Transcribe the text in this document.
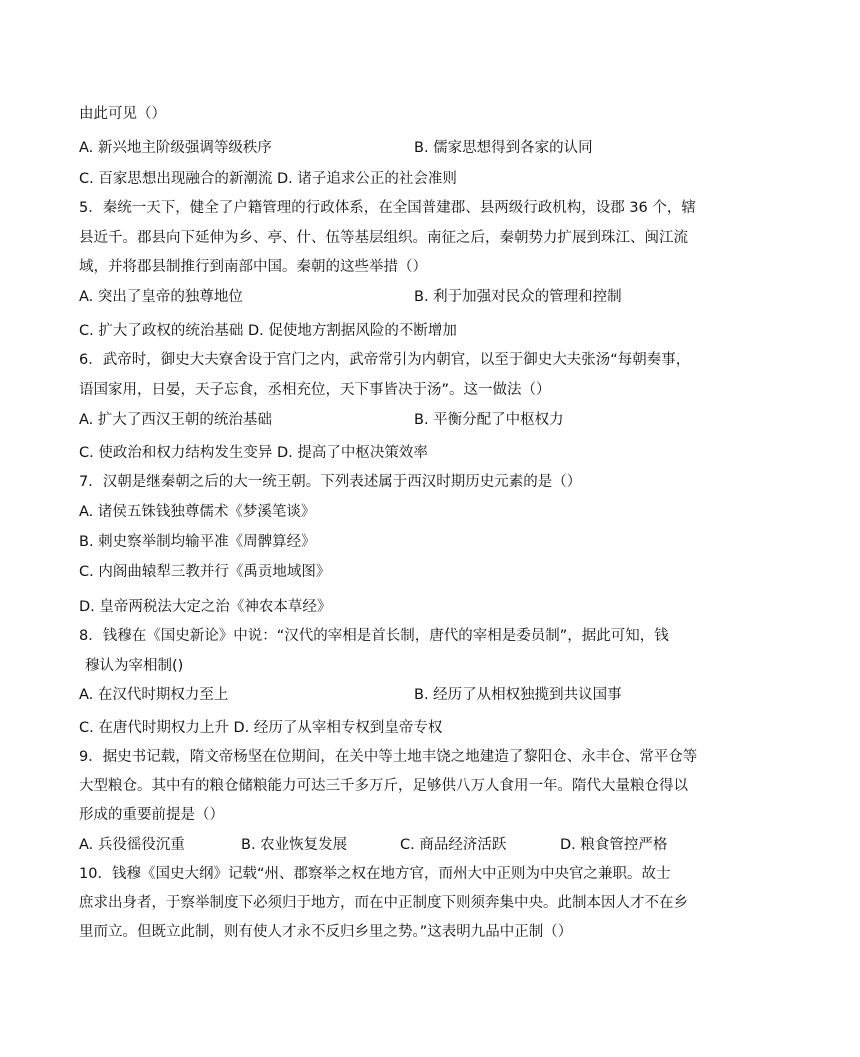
由此可见（）
A. 新兴地主阶级强调等级秩序	B. 儒家思想得到各家的认同
C. 百家思想出现融合的新潮流 D. 诸子追求公正的社会准则
5．秦统一天下，健全了户籍管理的行政体系，在全国普建郡、县两级行政机构，设郡 36 个，辖
县近千。郡县向下延伸为乡、亭、什、伍等基层组织。南征之后，秦朝势力扩展到珠江、闽江流
域，并将郡县制推行到南部中国。秦朝的这些举措（）
A. 突出了皇帝的独尊地位	B. 利于加强对民众的管理和控制
C. 扩大了政权的统治基础 D. 促使地方割据风险的不断增加
6．武帝时，御史大夫寮舍设于宫门之内，武帝常引为内朝官，以至于御史大夫张汤“每朝奏事，
语国家用，日晏，天子忘食，丞相充位，天下事皆决于汤”。这一做法（）
A. 扩大了西汉王朝的统治基础	B. 平衡分配了中枢权力
C. 使政治和权力结构发生变异 D. 提高了中枢决策效率
7．汉朝是继秦朝之后的大一统王朝。下列表述属于西汉时期历史元素的是（）
A. 诸侯五铢钱独尊儒术《梦溪笔谈》
B. 刺史察举制均输平准《周髀算经》
C. 内阁曲辕犁三教并行《禹贡地域图》
D. 皇帝两税法大定之治《神农本草经》
8．钱穆在《国史新论》中说：“汉代的宰相是首长制，唐代的宰相是委员制”，据此可知，钱
穆认为宰相制()
A. 在汉代时期权力至上	B. 经历了从相权独揽到共议国事
C. 在唐代时期权力上升 D. 经历了从宰相专权到皇帝专权
9．据史书记载，隋文帝杨坚在位期间，在关中等土地丰饶之地建造了黎阳仓、永丰仓、常平仓等
大型粮仓。其中有的粮仓储粮能力可达三千多万斤，足够供八万人食用一年。隋代大量粮仓得以
形成的重要前提是（）
A. 兵役徭役沉重	B. 农业恢复发展	C. 商品经济活跃	D. 粮食管控严格
10．钱穆《国史大纲》记载“州、郡察举之权在地方官，而州大中正则为中央官之兼职。故士
庶求出身者，于察举制度下必须归于地方，而在中正制度下则须奔集中央。此制本因人才不在乡
里而立。但既立此制，则有使人才永不反归乡里之势。”这表明九品中正制（）
